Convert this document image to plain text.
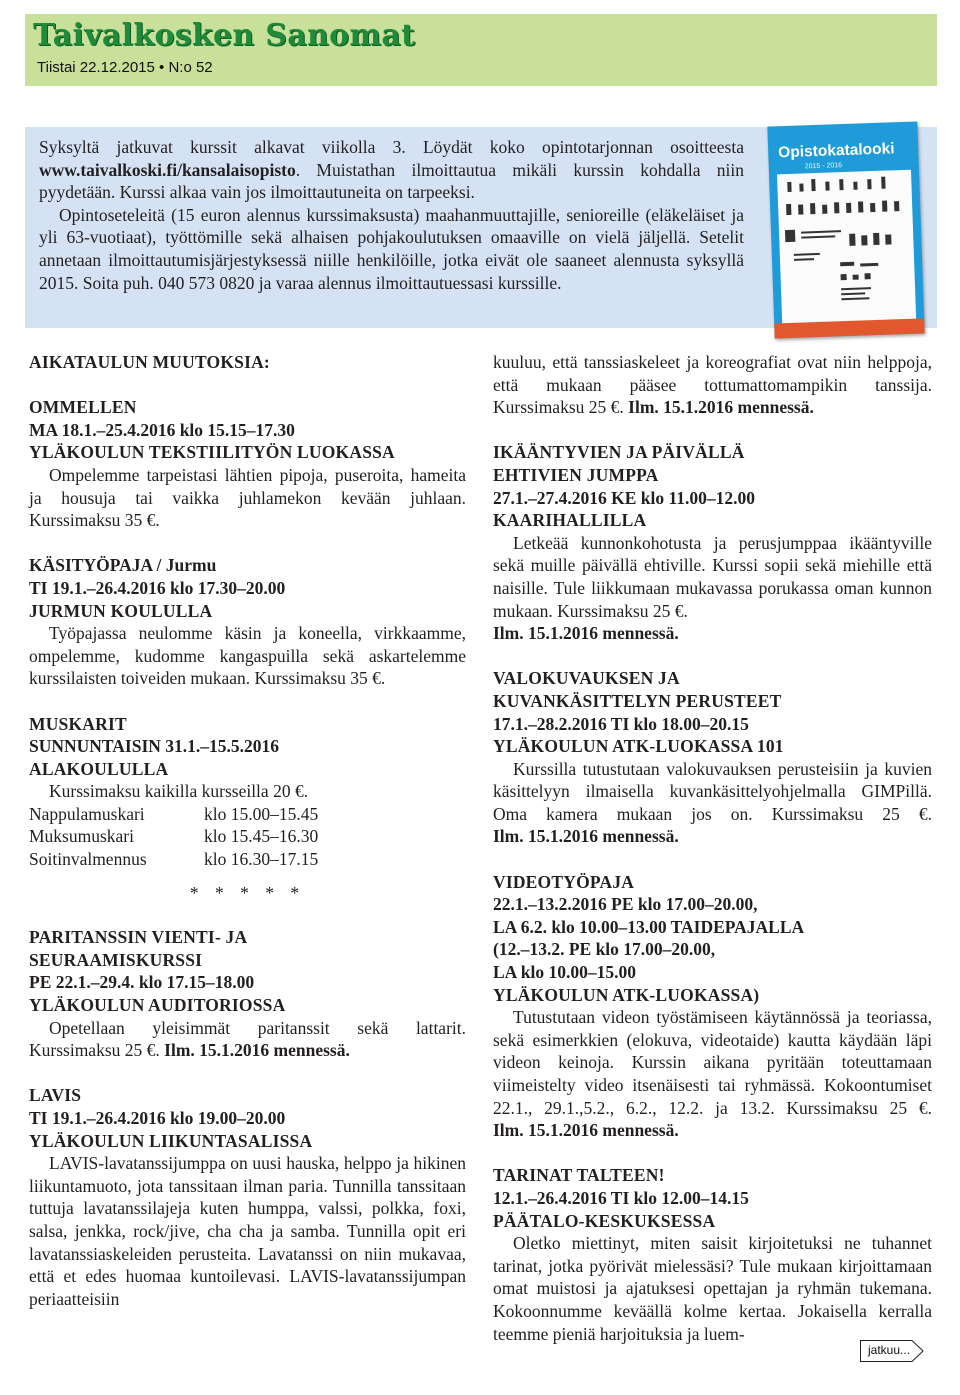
Taivalkosken Sanomat
Tiistai 22.12.2015 • N:o 52

Syksyltä jatkuvat kurssit alkavat viikolla 3. Löydät koko opintotarjonnan osoitteesta www.taivalkoski.fi/kansalaisopisto. Muistathan ilmoittautua mikäli kurssin kohdalla niin pyydetään. Kurssi alkaa vain jos ilmoittautuneita on tarpeeksi.

Opintoseteleitä (15 euron alennus kurssimaksusta) maahanmuuttajille, senioreille (eläkeläiset ja yli 63-vuotiaat), työttömille sekä alhaisen pohjakoulutuksen omaaville on vielä jäljellä. Setelit annetaan ilmoittautumisjärjestyksessä niille henkilöille, jotka eivät ole saaneet alennusta syksyllä 2015. Soita puh. 040 573 0820 ja varaa alennus ilmoittautuessasi kurssille.

Opistokatalooki
2015 - 2016
AIKATAULUN MUUTOKSIA:
OMMELLEN
MA 18.1.–25.4.2016 klo 15.15–17.30
YLÄKOULUN TEKSTIILITYÖN LUOKASSA

Ompelemme tarpeistasi lähtien pipoja, puseroita, hameita ja housuja tai vaikka juhlamekon kevään juhlaan. Kurssimaksu 35 €.

KÄSITYÖPAJA / Jurmu
TI 19.1.–26.4.2016 klo 17.30–20.00
JURMUN KOULULLA

Työpajassa neulomme käsin ja koneella, virkkaamme, ompelemme, kudomme kangaspuilla sekä askartelemme kurssilaisten toiveiden mukaan. Kurssimaksu 35 €.

MUSKARIT
SUNNUNTAISIN 31.1.–15.5.2016
ALAKOULULLA

Kurssimaksu kaikilla kursseilla 20 €.

Nappulamuskari	klo 15.00–15.45
Muksumuskari	klo 15.45–16.30
Soitinvalmennus	klo 16.30–17.15
* * * * *
PARITANSSIN VIENTI- JA
SEURAAMISKURSSI
PE 22.1.–29.4. klo 17.15–18.00
YLÄKOULUN AUDITORIOSSA

Opetellaan yleisimmät paritanssit sekä lattarit. Kurssimaksu 25 €. Ilm. 15.1.2016 mennessä.

LAVIS
TI 19.1.–26.4.2016 klo 19.00–20.00
YLÄKOULUN LIIKUNTASALISSA

LAVIS-lavatanssijumppa on uusi hauska, helppo ja hikinen liikuntamuoto, jota tanssitaan ilman paria. Tunnilla tanssitaan tuttuja lavatanssilajeja kuten humppa, valssi, polkka, foxi, salsa, jenkka, rock/jive, cha cha ja samba. Tunnilla opit eri lavatanssiaskeleiden perusteita. Lavatanssi on niin mukavaa, että et edes huomaa kuntoilevasi. LAVIS-lavatanssijumpan periaatteisiin

kuuluu, että tanssiaskeleet ja koreografiat ovat niin helppoja, että mukaan pääsee tottumattomampikin tanssija. Kurssimaksu 25 €. Ilm. 15.1.2016 mennessä.

IKÄÄNTYVIEN JA PÄIVÄLLÄ
EHTIVIEN JUMPPA
27.1.–27.4.2016 KE klo 11.00–12.00
KAARIHALLILLA

Letkeää kunnonkohotusta ja perusjumppaa ikääntyville sekä muille päivällä ehtiville. Kurssi sopii sekä miehille että naisille. Tule liikkumaan mukavassa porukassa oman kunnon mukaan. Kurssimaksu 25 €.

Ilm. 15.1.2016 mennessä.
VALOKUVAUKSEN JA
KUVANKÄSITTELYN PERUSTEET
17.1.–28.2.2016 TI klo 18.00–20.15
YLÄKOULUN ATK-LUOKASSA 101

Kurssilla tutustutaan valokuvauksen perusteisiin ja kuvien käsittelyyn ilmaisella kuvankäsittelyohjelmalla GIMPillä. Oma kamera mukaan jos on. Kurssimaksu 25 €. Ilm. 15.1.2016 mennessä.

VIDEOTYÖPAJA
22.1.–13.2.2016 PE klo 17.00–20.00,
LA 6.2. klo 10.00–13.00 TAIDEPAJALLA
(12.–13.2. PE klo 17.00–20.00,
LA klo 10.00–15.00
YLÄKOULUN ATK-LUOKASSA)

Tutustutaan videon työstämiseen käytännössä ja teoriassa, sekä esimerkkien (elokuva, videotaide) kautta käydään läpi videon keinoja. Kurssin aikana pyritään toteuttamaan viimeistelty video itsenäisesti tai ryhmässä. Kokoontumiset 22.1., 29.1.,5.2., 6.2., 12.2. ja 13.2. Kurssimaksu 25 €. Ilm. 15.1.2016 mennessä.

TARINAT TALTEEN!
12.1.–26.4.2016 TI klo 12.00–14.15
PÄÄTALO-KESKUKSESSA

Oletko miettinyt, miten saisit kirjoitetuksi ne tuhannet tarinat, jotka pyörivät mielessäsi? Tule mukaan kirjoittamaan omat muistosi ja ajatuksesi opettajan ja ryhmän tukemana. Kokoonnumme keväällä kolme kertaa. Jokaisella kerralla teemme pieniä harjoituksia ja luem-

jatkuu...
